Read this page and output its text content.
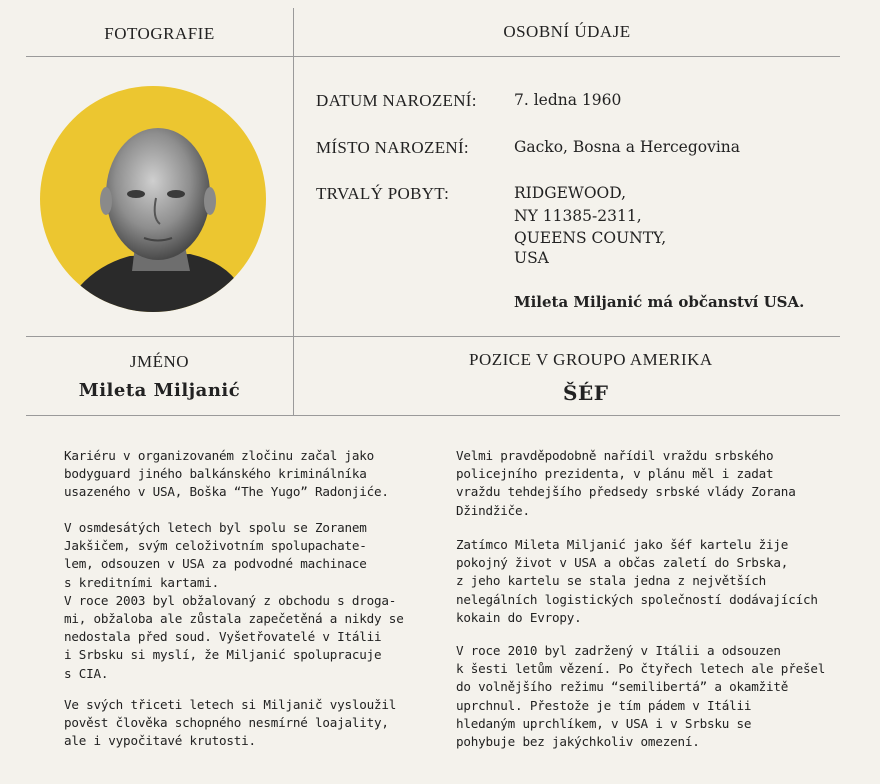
FOTOGRAFIE	OSOBNÍ ÚDAJE
DATUM NAROZENÍ: 7. ledna 1960
MÍSTO NAROZENÍ:	Gacko, Bosna a Hercegovina
TRVALÝ POBYT:	RIDGEWOOD,
NY 11385-2311,
QUEENS COUNTY,
USA
Mileta Miljanić má občanství USA.
JMÉNO
Mileta Miljanić
POZICE V GROUPO AMERIKA
ŠÉF
Kariéru v organizovaném zločinu začal jako
bodyguard jiného balkánského kriminálníka
usazeného v USA, Boška “The Yugo” Radonjiće.
V osmdesátých letech byl spolu se Zoranem
Jakšičem, svým celoživotním spolupachate-
lem, odsouzen v USA za podvodné machinace
s kreditními kartami.
V roce 2003 byl obžalovaný z obchodu s droga-
mi, obžaloba ale zůstala zapečetěná a nikdy se
nedostala před soud. Vyšetřovatelé v Itálii
i Srbsku si myslí, že Miljanić spolupracuje
s CIA.
Ve svých třiceti letech si Miljanič vysloužil
pověst člověka schopného nesmírné loajality,
ale i vypočitavé krutosti.
Velmi pravděpodobně nařídil vraždu srbského
policejního prezidenta, v plánu měl i zadat
vraždu tehdejšího předsedy srbské vlády Zorana
Džindžiče.
Zatímco Mileta Miljanić jako šéf kartelu žije
pokojný život v USA a občas zaletí do Srbska,
z jeho kartelu se stala jedna z největších
nelegálních logistických společností dodávajících
kokain do Evropy.
V roce 2010 byl zadržený v Itálii a odsouzen
k šesti letům vězení. Po čtyřech letech ale přešel
do volnějšího režimu “semilibertá” a okamžitě
uprchnul. Přestože je tím pádem v Itálii
hledaným uprchlíkem, v USA i v Srbsku se
pohybuje bez jakýchkoliv omezení.
